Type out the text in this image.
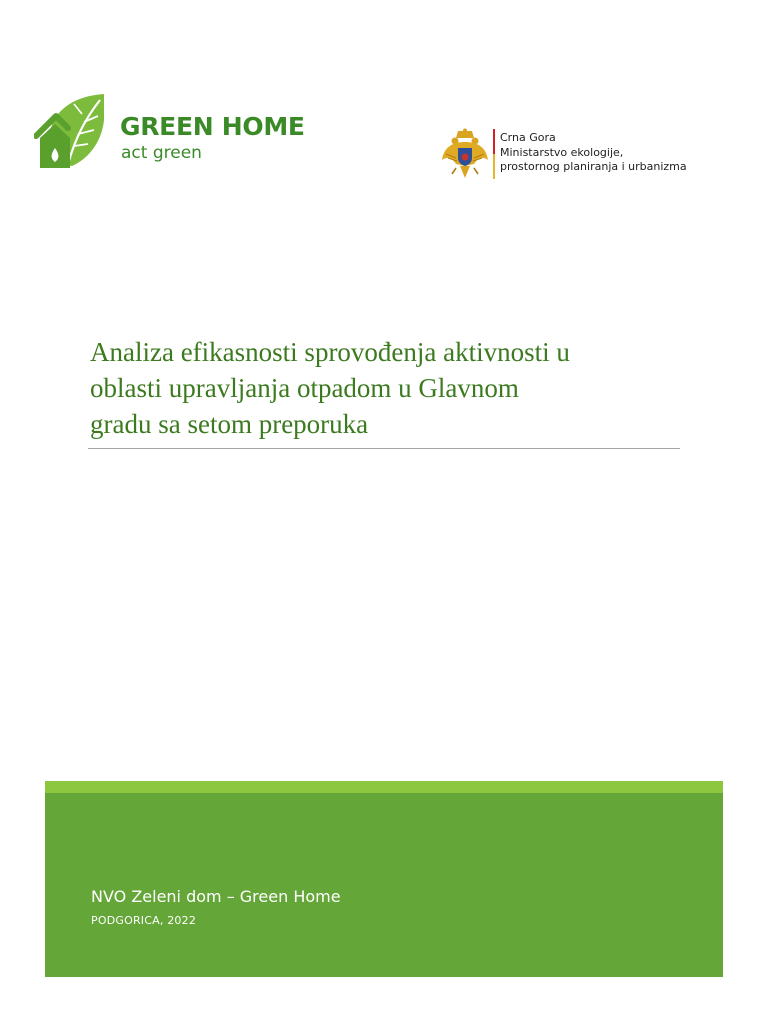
GREEN HOME
act green
Crna Gora
Ministarstvo ekologije,
prostornog planiranja i urbanizma
Analiza efikasnosti sprovođenja aktivnosti u
oblasti upravljanja otpadom u Glavnom
gradu sa setom preporuka
NVO Zeleni dom – Green Home
PODGORICA, 2022
